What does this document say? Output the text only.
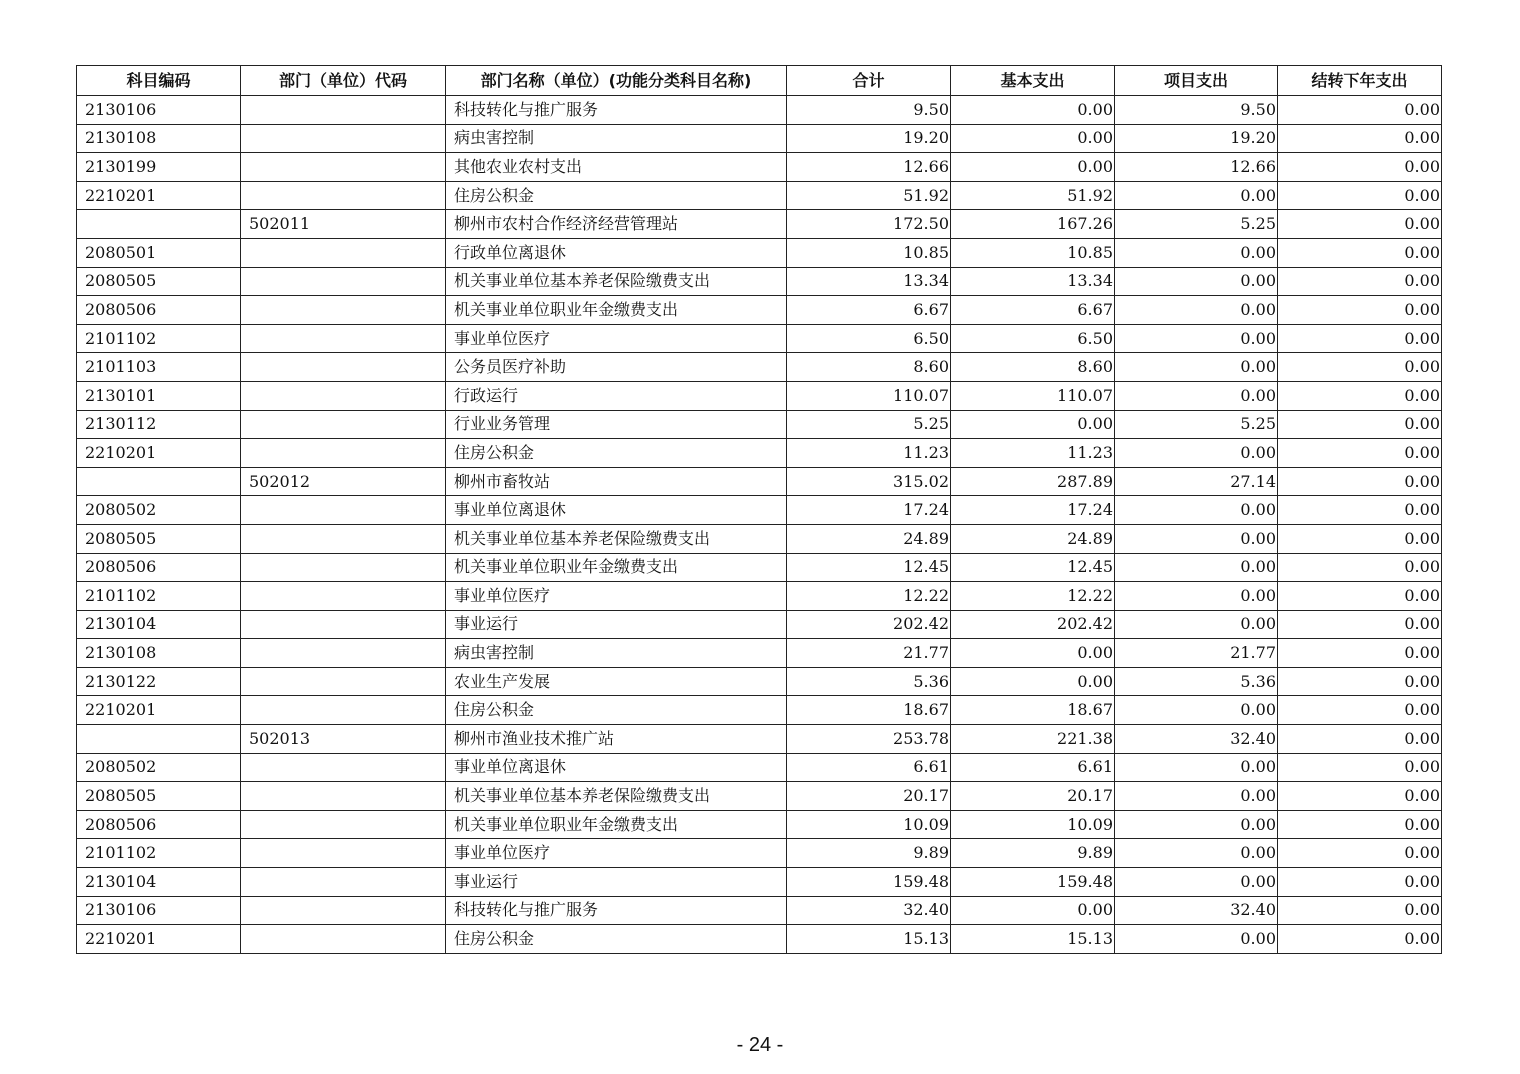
科目编码	部门（单位）代码	部门名称（单位）(功能分类科目名称)	合计	基本支出	项目支出	结转下年支出
2130106		科技转化与推广服务	9.50	0.00	9.50	0.00
2130108		病虫害控制	19.20	0.00	19.20	0.00
2130199		其他农业农村支出	12.66	0.00	12.66	0.00
2210201		住房公积金	51.92	51.92	0.00	0.00
	502011	柳州市农村合作经济经营管理站	172.50	167.26	5.25	0.00
2080501		行政单位离退休	10.85	10.85	0.00	0.00
2080505		机关事业单位基本养老保险缴费支出	13.34	13.34	0.00	0.00
2080506		机关事业单位职业年金缴费支出	6.67	6.67	0.00	0.00
2101102		事业单位医疗	6.50	6.50	0.00	0.00
2101103		公务员医疗补助	8.60	8.60	0.00	0.00
2130101		行政运行	110.07	110.07	0.00	0.00
2130112		行业业务管理	5.25	0.00	5.25	0.00
2210201		住房公积金	11.23	11.23	0.00	0.00
	502012	柳州市畜牧站	315.02	287.89	27.14	0.00
2080502		事业单位离退休	17.24	17.24	0.00	0.00
2080505		机关事业单位基本养老保险缴费支出	24.89	24.89	0.00	0.00
2080506		机关事业单位职业年金缴费支出	12.45	12.45	0.00	0.00
2101102		事业单位医疗	12.22	12.22	0.00	0.00
2130104		事业运行	202.42	202.42	0.00	0.00
2130108		病虫害控制	21.77	0.00	21.77	0.00
2130122		农业生产发展	5.36	0.00	5.36	0.00
2210201		住房公积金	18.67	18.67	0.00	0.00
	502013	柳州市渔业技术推广站	253.78	221.38	32.40	0.00
2080502		事业单位离退休	6.61	6.61	0.00	0.00
2080505		机关事业单位基本养老保险缴费支出	20.17	20.17	0.00	0.00
2080506		机关事业单位职业年金缴费支出	10.09	10.09	0.00	0.00
2101102		事业单位医疗	9.89	9.89	0.00	0.00
2130104		事业运行	159.48	159.48	0.00	0.00
2130106		科技转化与推广服务	32.40	0.00	32.40	0.00
2210201		住房公积金	15.13	15.13	0.00	0.00
- 24 -
